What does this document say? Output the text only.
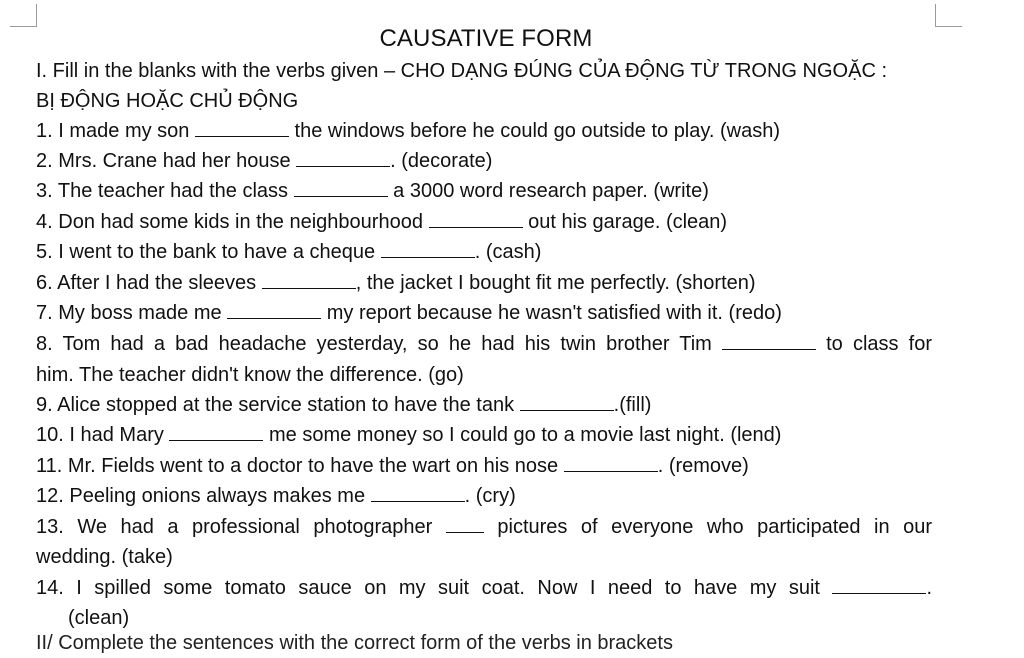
CAUSATIVE FORM
I. Fill in the blanks with the verbs given – CHO DẠNG ĐÚNG CỦA ĐỘNG TỪ TRONG NGOẶC :
BỊ ĐỘNG HOẶC CHỦ ĐỘNG
1. I made my son	the windows before he could go outside to play. (wash)
2. Mrs. Crane had her house	. (decorate)
3. The teacher had the class	a 3000 word research paper. (write)
4. Don had some kids in the neighbourhood	out his garage. (clean)
5. I went to the bank to have a cheque	. (cash)
6. After I had the sleeves	, the jacket I bought fit me perfectly. (shorten)
7. My boss made me	my report because he wasn't satisfied with it. (redo)
8. Tom had a bad headache yesterday, so he had his twin brother Tim	to class for
him. The teacher didn't know the difference. (go)
9. Alice stopped at the service station to have the tank	.(fill)
10. I had Mary	me some money so I could go to a movie last night. (lend)
11. Mr. Fields went to a doctor to have the wart on his nose	. (remove)
12. Peeling onions always makes me	. (cry)
13. We had a professional photographer	pictures of everyone who participated in our
wedding. (take)
14. I spilled some tomato sauce on my suit coat. Now I need to have my suit	.
(clean)
II/ Complete the sentences with the correct form of the verbs in brackets
